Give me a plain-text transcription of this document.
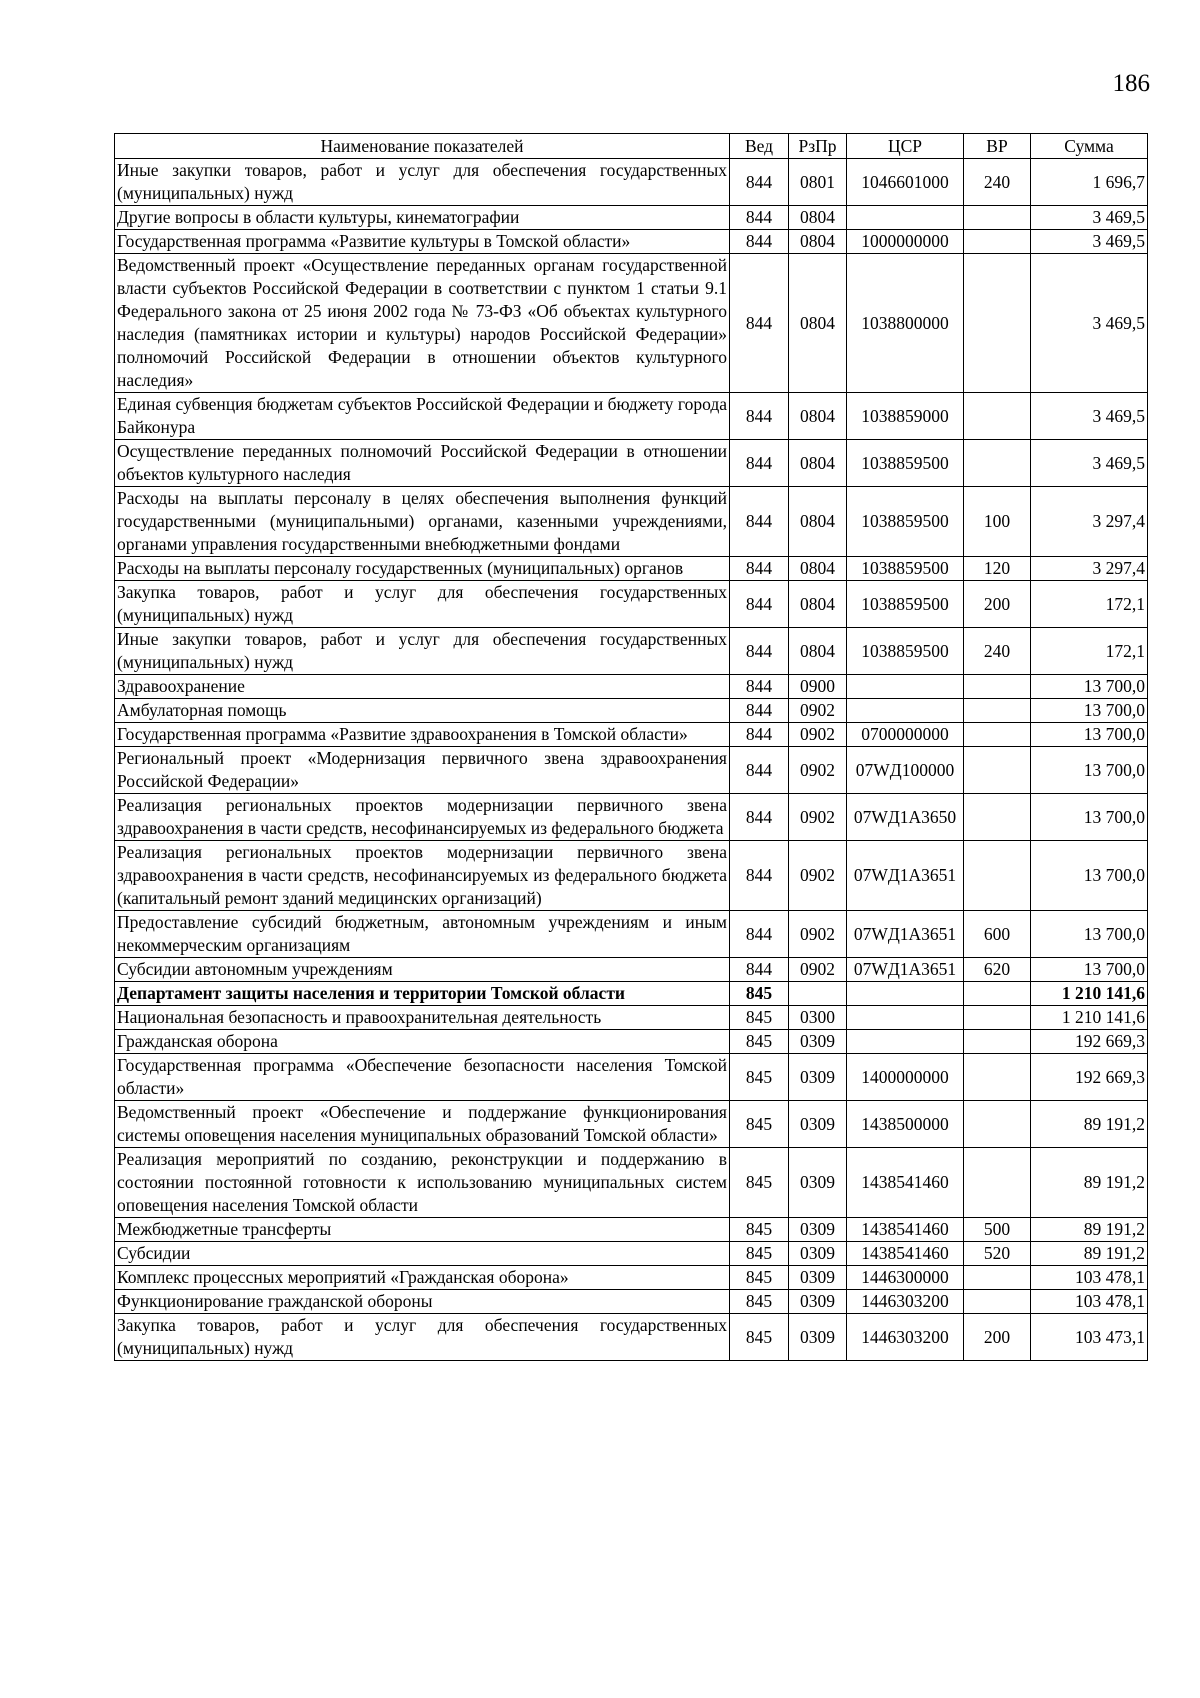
186
Наименование показателей	Вед	РзПр	ЦСР	ВР	Сумма
Иные закупки товаров, работ и услуг для обеспечения государственных (муниципальных) нужд	844	0801	1046601000	240	1 696,7
Другие вопросы в области культуры, кинематографии	844	0804			3 469,5
Государственная программа «Развитие культуры в Томской области»	844	0804	1000000000		3 469,5
Ведомственный проект «Осуществление переданных органам государственной власти субъектов Российской Федерации в соответствии с пунктом 1 статьи 9.1 Федерального закона от 25 июня 2002 года № 73-ФЗ «Об объектах культурного наследия (памятниках истории и культуры) народов Российской Федерации» полномочий Российской Федерации в отношении объектов культурного наследия»	844	0804	1038800000		3 469,5
Единая субвенция бюджетам субъектов Российской Федерации и бюджету города Байконура	844	0804	1038859000		3 469,5
Осуществление переданных полномочий Российской Федерации в отношении объектов культурного наследия	844	0804	1038859500		3 469,5
Расходы на выплаты персоналу в целях обеспечения выполнения функций государственными (муниципальными) органами, казенными учреждениями, органами управления государственными внебюджетными фондами	844	0804	1038859500	100	3 297,4
Расходы на выплаты персоналу государственных (муниципальных) органов	844	0804	1038859500	120	3 297,4
Закупка товаров, работ и услуг для обеспечения государственных (муниципальных) нужд	844	0804	1038859500	200	172,1
Иные закупки товаров, работ и услуг для обеспечения государственных (муниципальных) нужд	844	0804	1038859500	240	172,1
Здравоохранение	844	0900			13 700,0
Амбулаторная помощь	844	0902			13 700,0
Государственная программа «Развитие здравоохранения в Томской области»	844	0902	0700000000		13 700,0
Региональный проект «Модернизация первичного звена здравоохранения Российской Федерации»	844	0902	07WД100000		13 700,0
Реализация региональных проектов модернизации первичного звена здравоохранения в части средств, несофинансируемых из федерального бюджета	844	0902	07WД1А3650		13 700,0
Реализация региональных проектов модернизации первичного звена здравоохранения в части средств, несофинансируемых из федерального бюджета (капитальный ремонт зданий медицинских организаций)	844	0902	07WД1А3651		13 700,0
Предоставление субсидий бюджетным, автономным учреждениям и иным некоммерческим организациям	844	0902	07WД1А3651	600	13 700,0
Субсидии автономным учреждениям	844	0902	07WД1А3651	620	13 700,0
Департамент защиты населения и территории Томской области	845				1 210 141,6
Национальная безопасность и правоохранительная деятельность	845	0300			1 210 141,6
Гражданская оборона	845	0309			192 669,3
Государственная программа «Обеспечение безопасности населения Томской области»	845	0309	1400000000		192 669,3
Ведомственный проект «Обеспечение и поддержание функционирования системы оповещения населения муниципальных образований Томской области»	845	0309	1438500000		89 191,2
Реализация мероприятий по созданию, реконструкции и поддержанию в состоянии постоянной готовности к использованию муниципальных систем оповещения населения Томской области	845	0309	1438541460		89 191,2
Межбюджетные трансферты	845	0309	1438541460	500	89 191,2
Субсидии	845	0309	1438541460	520	89 191,2
Комплекс процессных мероприятий «Гражданская оборона»	845	0309	1446300000		103 478,1
Функционирование гражданской обороны	845	0309	1446303200		103 478,1
Закупка товаров, работ и услуг для обеспечения государственных (муниципальных) нужд	845	0309	1446303200	200	103 473,1
